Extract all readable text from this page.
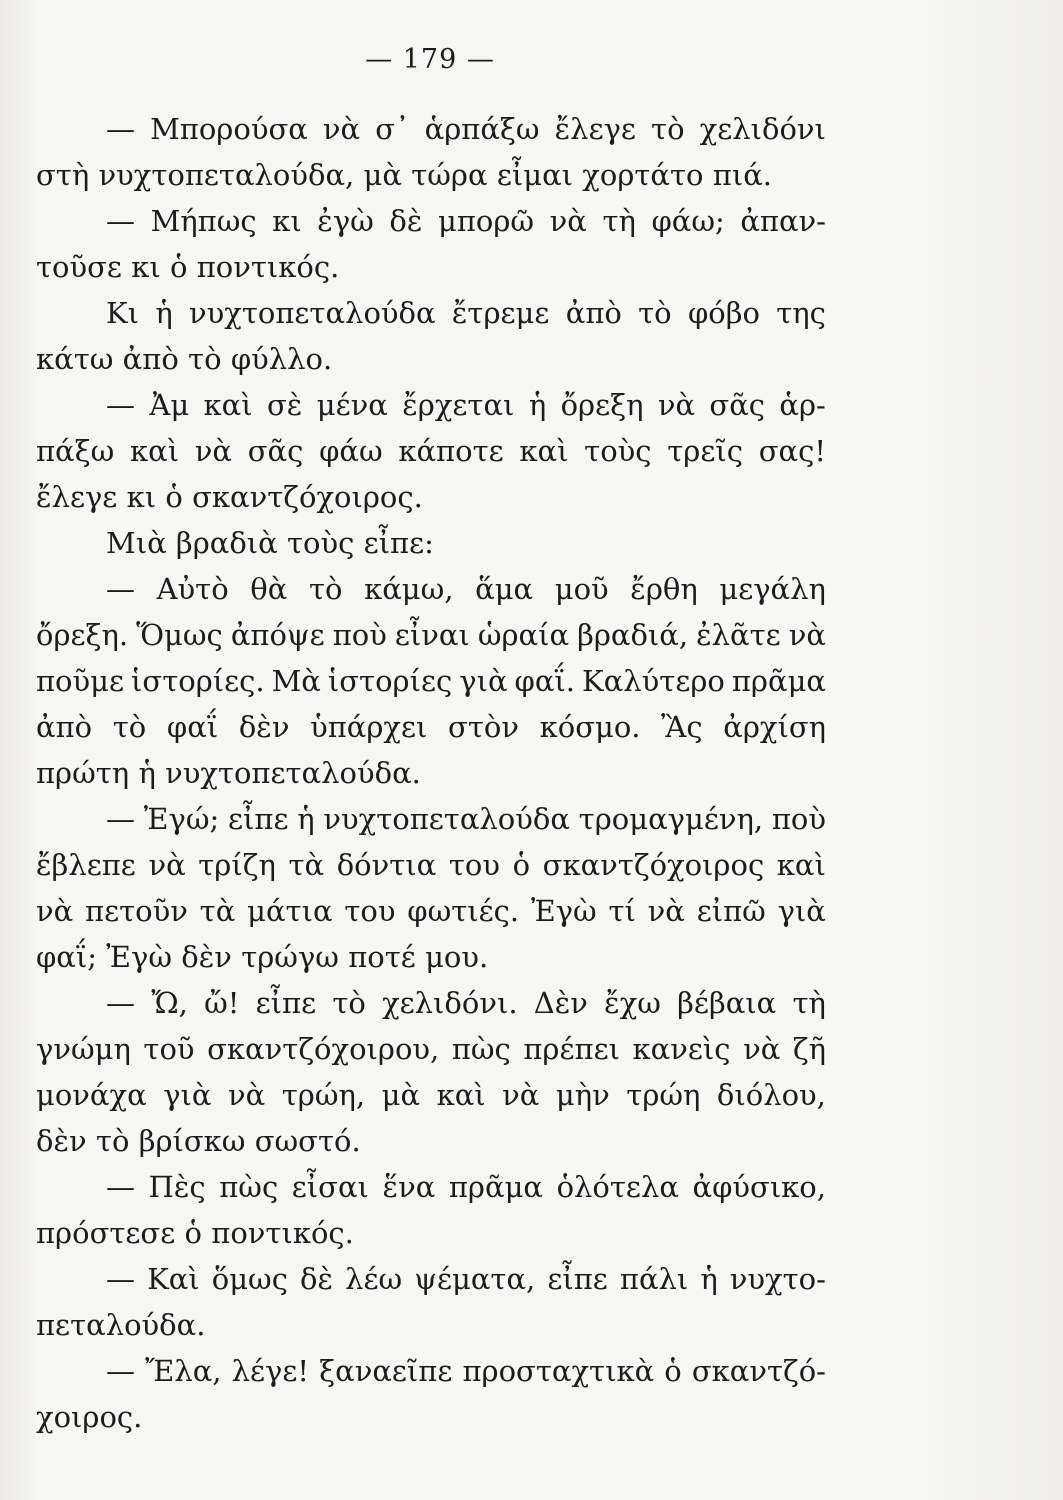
— 179 —
— Μπορούσα νὰ σ᾽ ἁρπάξω ἔλεγε τὸ χελιδόνι
στὴ νυχτοπεταλούδα, μὰ τώρα εἶμαι χορτάτο πιά.
— Μήπως κι ἐγὼ δὲ μπορῶ νὰ τὴ φάω; ἀπαν-
τοῦσε κι ὁ ποντικός.
Κι ἡ νυχτοπεταλούδα ἔτρεμε ἀπὸ τὸ φόβο της
κάτω ἀπὸ τὸ φύλλο.
— Ἀμ καὶ σὲ μένα ἔρχεται ἡ ὄρεξη νὰ σᾶς ἁρ-
πάξω καὶ νὰ σᾶς φάω κάποτε καὶ τοὺς τρεῖς σας!
ἔλεγε κι ὁ σκαντζόχοιρος.
Μιὰ βραδιὰ τοὺς εἶπε:
— Αὐτὸ θὰ τὸ κάμω, ἅμα μοῦ ἔρθη μεγάλη
ὄρεξη. Ὅμως ἀπόψε ποὺ εἶναι ὡραία βραδιά, ἐλᾶτε νὰ
ποῦμε ἱστορίες. Μὰ ἱστορίες γιὰ φαΐ. Καλύτερο πρᾶμα
ἀπὸ τὸ φαΐ δὲν ὑπάρχει στὸν κόσμο. Ἂς ἀρχίση
πρώτη ἡ νυχτοπεταλούδα.
— Ἐγώ; εἶπε ἡ νυχτοπεταλούδα τρομαγμένη, ποὺ
ἔβλεπε νὰ τρίζη τὰ δόντια του ὁ σκαντζόχοιρος καὶ
νὰ πετοῦν τὰ μάτια του φωτιές. Ἐγὼ τί νὰ εἰπῶ γιὰ
φαΐ; Ἐγὼ δὲν τρώγω ποτέ μου.
— Ὤ, ὤ! εἶπε τὸ χελιδόνι. Δὲν ἔχω βέβαια τὴ
γνώμη τοῦ σκαντζόχοιρου, πὼς πρέπει κανεὶς νὰ ζῆ
μονάχα γιὰ νὰ τρώη, μὰ καὶ νὰ μὴν τρώη διόλου,
δὲν τὸ βρίσκω σωστό.
— Πὲς πὼς εἶσαι ἕνα πρᾶμα ὁλότελα ἀφύσικο,
πρόστεσε ὁ ποντικός.
— Καὶ ὅμως δὲ λέω ψέματα, εἶπε πάλι ἡ νυχτο-
πεταλούδα.
— Ἔλα, λέγε! ξαναεῖπε προσταχτικὰ ὁ σκαντζό-
χοιρος.
